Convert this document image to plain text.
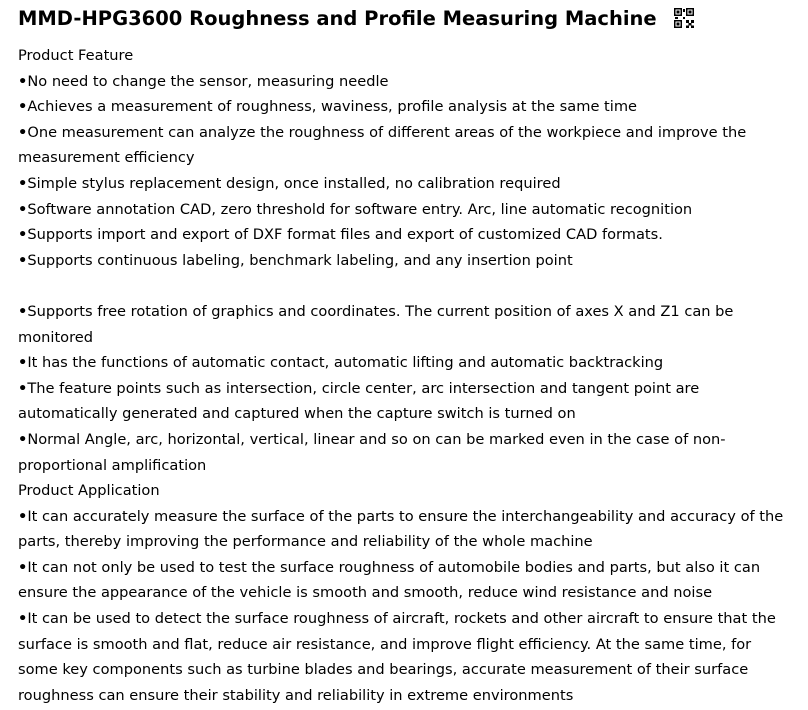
MMD-HPG3600 Roughness and Profile Measuring Machine

Product Feature

•No need to change the sensor, measuring needle

•Achieves a measurement of roughness, waviness, profile analysis at the same time

•One measurement can analyze the roughness of different areas of the workpiece and improve the measurement efficiency

•Simple stylus replacement design, once installed, no calibration required

•Software annotation CAD, zero threshold for software entry. Arc, line automatic recognition

•Supports import and export of DXF format files and export of customized CAD formats.

•Supports continuous labeling, benchmark labeling, and any insertion point

•Supports free rotation of graphics and coordinates. The current position of axes X and Z1 can be monitored

•It has the functions of automatic contact, automatic lifting and automatic backtracking

•The feature points such as intersection, circle center, arc intersection and tangent point are automatically generated and captured when the capture switch is turned on

•Normal Angle, arc, horizontal, vertical, linear and so on can be marked even in the case of non-proportional amplification

Product Application

•It can accurately measure the surface of the parts to ensure the interchangeability and accuracy of the parts, thereby improving the performance and reliability of the whole machine

•It can not only be used to test the surface roughness of automobile bodies and parts, but also it can ensure the appearance of the vehicle is smooth and smooth, reduce wind resistance and noise

•It can be used to detect the surface roughness of aircraft, rockets and other aircraft to ensure that the surface is smooth and flat, reduce air resistance, and improve flight efficiency. At the same time, for some key components such as turbine blades and bearings, accurate measurement of their surface roughness can ensure their stability and reliability in extreme environments
